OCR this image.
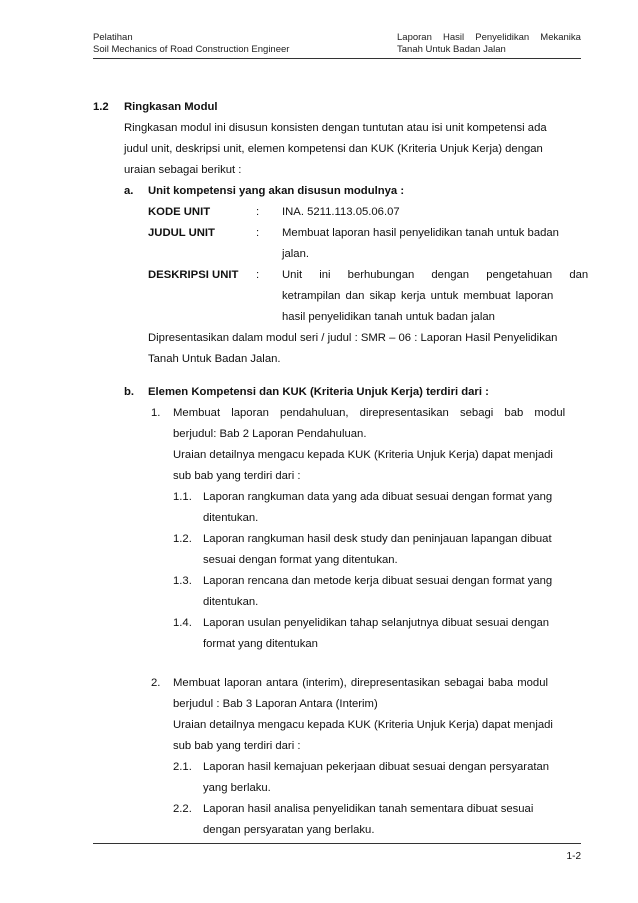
Pelatihan
Soil Mechanics of Road Construction Engineer
Laporan Hasil Penyelidikan Mekanika
Tanah Untuk Badan Jalan
1.2 Ringkasan Modul
Ringkasan modul ini disusun konsisten dengan tuntutan atau isi unit kompetensi ada
judul unit, deskripsi unit, elemen kompetensi dan KUK (Kriteria Unjuk Kerja) dengan
uraian sebagai berikut :
a. Unit kompetensi yang akan disusun modulnya :
KODE UNIT	: INA. 5211.113.05.06.07
JUDUL UNIT	: Membuat laporan hasil penyelidikan tanah untuk badan
jalan.
DESKRIPSI UNIT : Unit ini berhubungan dengan pengetahuan dan
ketrampilan dan sikap kerja untuk membuat laporan
hasil penyelidikan tanah untuk badan jalan
Dipresentasikan dalam modul seri / judul : SMR – 06 : Laporan Hasil Penyelidikan
Tanah Untuk Badan Jalan.
b. Elemen Kompetensi dan KUK (Kriteria Unjuk Kerja) terdiri dari :
1. Membuat laporan pendahuluan, direpresentasikan sebagi bab modul
berjudul: Bab 2 Laporan Pendahuluan.
Uraian detailnya mengacu kepada KUK (Kriteria Unjuk Kerja) dapat menjadi
sub bab yang terdiri dari :
1.1. Laporan rangkuman data yang ada dibuat sesuai dengan format yang
ditentukan.
1.2. Laporan rangkuman hasil desk study dan peninjauan lapangan dibuat
sesuai dengan format yang ditentukan.
1.3. Laporan rencana dan metode kerja dibuat sesuai dengan format yang
ditentukan.
1.4. Laporan usulan penyelidikan tahap selanjutnya dibuat sesuai dengan
format yang ditentukan
2. Membuat laporan antara (interim), direpresentasikan sebagai baba modul
berjudul : Bab 3 Laporan Antara (Interim)
Uraian detailnya mengacu kepada KUK (Kriteria Unjuk Kerja) dapat menjadi
sub bab yang terdiri dari :
2.1. Laporan hasil kemajuan pekerjaan dibuat sesuai dengan persyaratan
yang berlaku.
2.2. Laporan hasil analisa penyelidikan tanah sementara dibuat sesuai
dengan persyaratan yang berlaku.
1-2
